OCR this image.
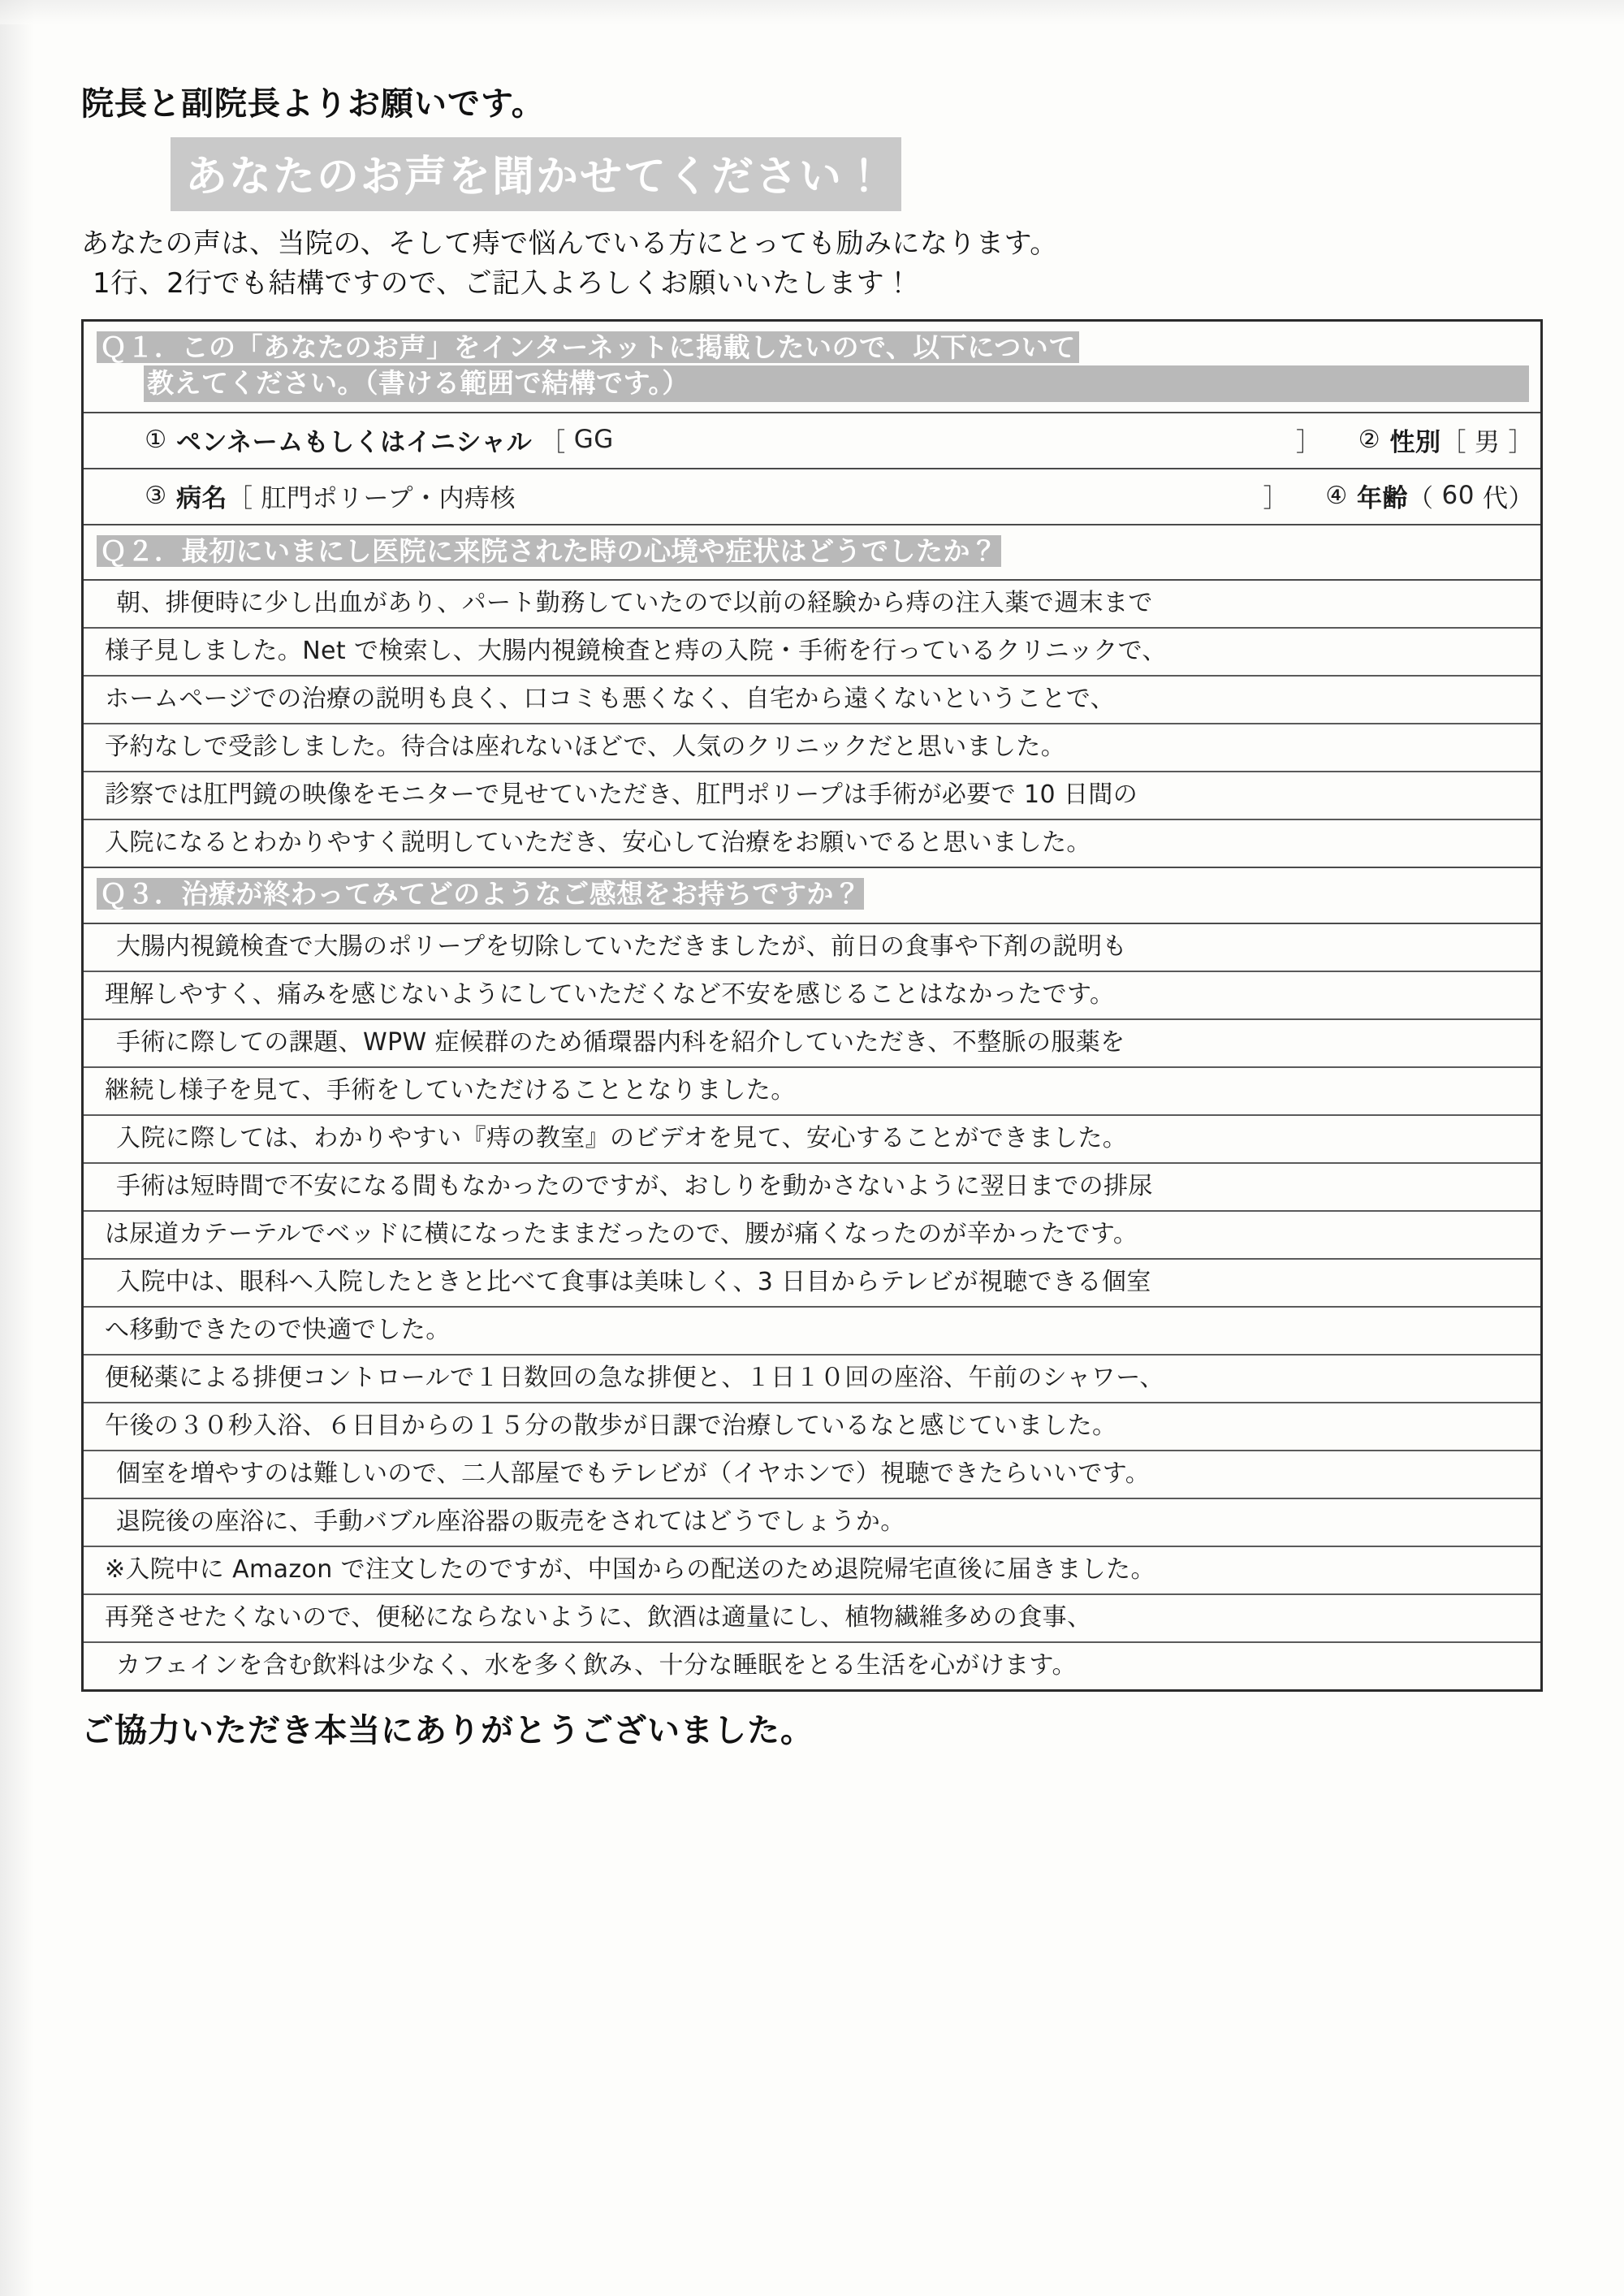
院長と副院長よりお願いです。
あなたのお声を聞かせてください！
あなたの声は、当院の、そして痔で悩んでいる方にとっても励みになります。
1行、2行でも結構ですので、ご記入よろしくお願いいたします！
Ｑ１．この「あなたのお声」をインターネットに掲載したいので、以下について
教えてください。（書ける範囲で結構です。）
① ペンネームもしくはイニシャル ［ GG	］ ② 性別 ［ 男 ］
③ 病名 ［ 肛門ポリープ・内痔核	］ ④ 年齢 （ 60 代 ）
Ｑ２．最初にいまにし医院に来院された時の心境や症状はどうでしたか？
朝、排便時に少し出血があり、パート勤務していたので以前の経験から痔の注入薬で週末まで
様子見しました。Net で検索し、大腸内視鏡検査と痔の入院・手術を行っているクリニックで、
ホームページでの治療の説明も良く、口コミも悪くなく、自宅から遠くないということで、
予約なしで受診しました。待合は座れないほどで、人気のクリニックだと思いました。
診察では肛門鏡の映像をモニターで見せていただき、肛門ポリープは手術が必要で 10 日間の
入院になるとわかりやすく説明していただき、安心して治療をお願いでると思いました。
Ｑ３．治療が終わってみてどのようなご感想をお持ちですか？
大腸内視鏡検査で大腸のポリープを切除していただきましたが、前日の食事や下剤の説明も
理解しやすく、痛みを感じないようにしていただくなど不安を感じることはなかったです。
手術に際しての課題、WPW 症候群のため循環器内科を紹介していただき、不整脈の服薬を
継続し様子を見て、手術をしていただけることとなりました。
入院に際しては、わかりやすい『痔の教室』のビデオを見て、安心することができました。
手術は短時間で不安になる間もなかったのですが、おしりを動かさないように翌日までの排尿
は尿道カテーテルでベッドに横になったままだったので、腰が痛くなったのが辛かったです。
入院中は、眼科へ入院したときと比べて食事は美味しく、3 日目からテレビが視聴できる個室
へ移動できたので快適でした。
便秘薬による排便コントロールで１日数回の急な排便と、１日１０回の座浴、午前のシャワー、
午後の３０秒入浴、６日目からの１５分の散歩が日課で治療しているなと感じていました。
個室を増やすのは難しいので、二人部屋でもテレビが（イヤホンで）視聴できたらいいです。
退院後の座浴に、手動バブル座浴器の販売をされてはどうでしょうか。
※入院中に Amazon で注文したのですが、中国からの配送のため退院帰宅直後に届きました。
再発させたくないので、便秘にならないように、飲酒は適量にし、植物繊維多めの食事、
カフェインを含む飲料は少なく、水を多く飲み、十分な睡眠をとる生活を心がけます。
ご協力いただき本当にありがとうございました。
